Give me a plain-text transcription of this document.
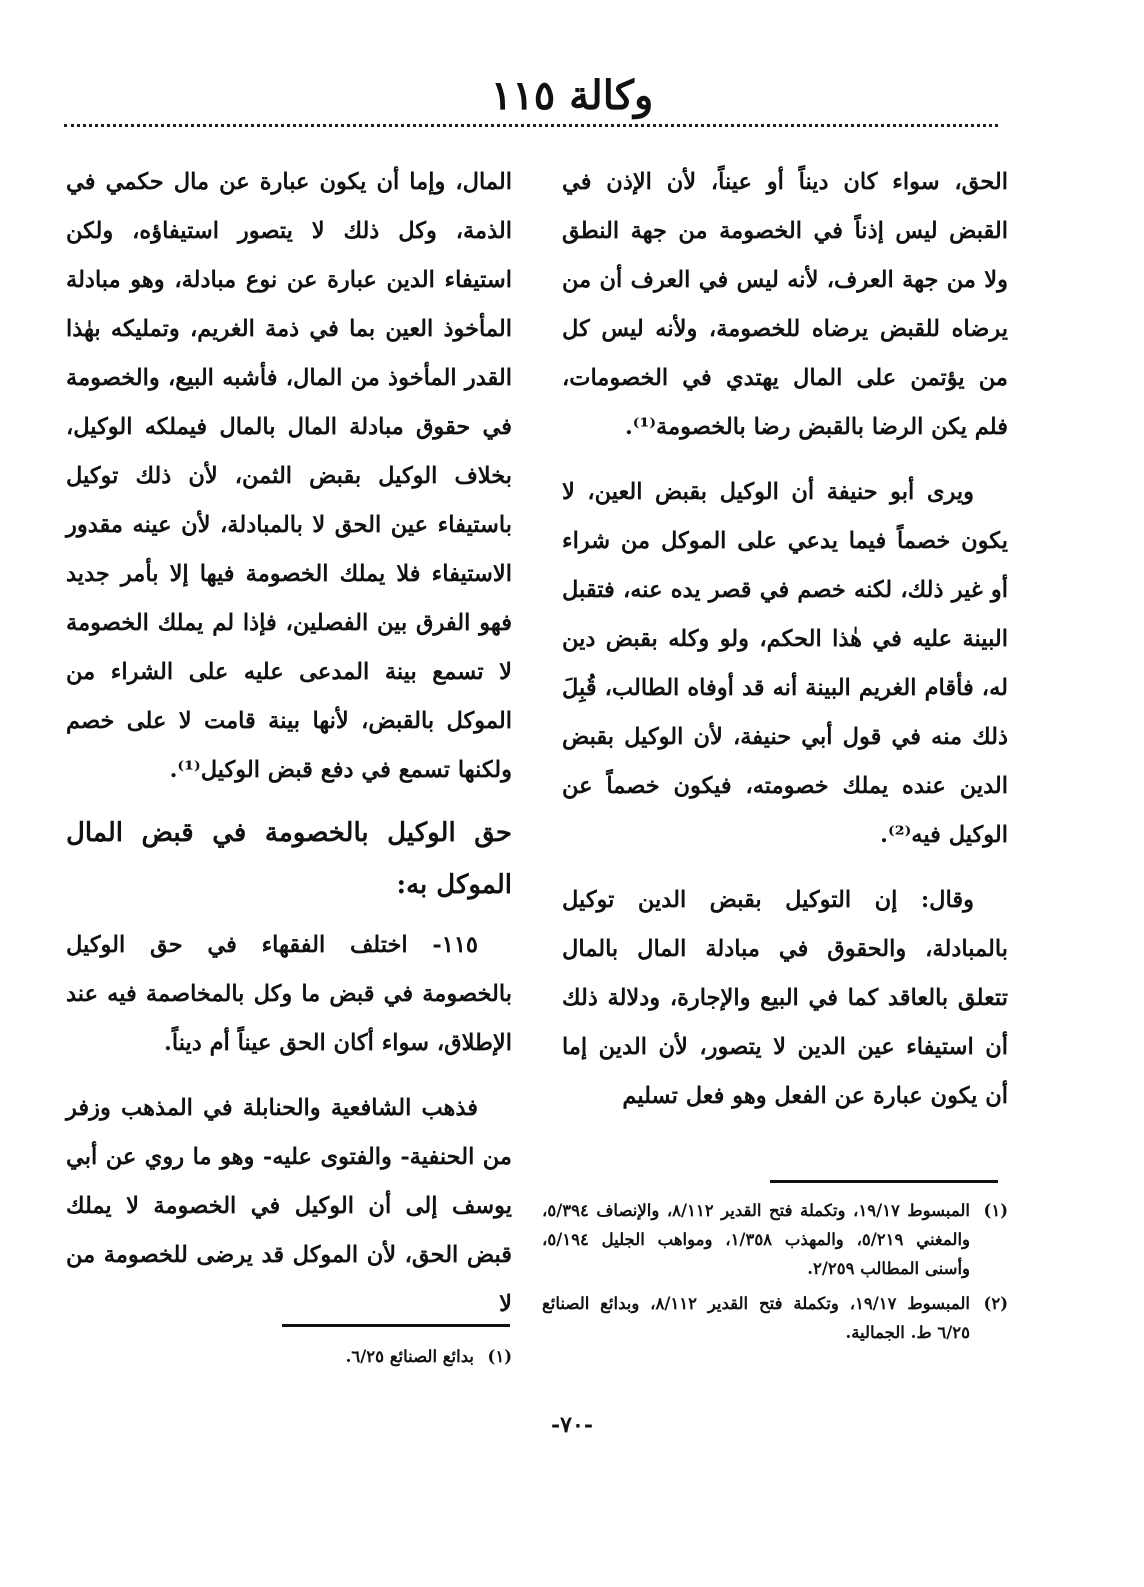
وكالة ١١٥

الحق، سواء كان ديناً أو عيناً، لأن الإذن في القبض ليس إذناً في الخصومة من جهة النطق ولا من جهة العرف، لأنه ليس في العرف أن من يرضاه للقبض يرضاه للخصومة، ولأنه ليس كل من يؤتمن على المال يهتدي في الخصومات، فلم يكن الرضا بالقبض رضا بالخصومة⁽¹⁾.

ويرى أبو حنيفة أن الوكيل بقبض العين، لا يكون خصماً فيما يدعي على الموكل من شراء أو غير ذلك، لكنه خصم في قصر يده عنه، فتقبل البينة عليه في هٰذا الحكم، ولو وكله بقبض دين له، فأقام الغريم البينة أنه قد أوفاه الطالب، قُبِلَ ذلك منه في قول أبي حنيفة، لأن الوكيل بقبض الدين عنده يملك خصومته، فيكون خصماً عن الوكيل فيه⁽²⁾.

وقال: إن التوكيل بقبض الدين توكيل بالمبادلة، والحقوق في مبادلة المال بالمال تتعلق بالعاقد كما في البيع والإجارة، ودلالة ذلك أن استيفاء عين الدين لا يتصور، لأن الدين إما أن يكون عبارة عن الفعل وهو فعل تسليم

المال، وإما أن يكون عبارة عن مال حكمي في الذمة، وكل ذلك لا يتصور استيفاؤه، ولكن استيفاء الدين عبارة عن نوع مبادلة، وهو مبادلة المأخوذ العين بما في ذمة الغريم، وتمليكه بهٰذا القدر المأخوذ من المال، فأشبه البيع، والخصومة في حقوق مبادلة المال بالمال فيملكه الوكيل، بخلاف الوكيل بقبض الثمن، لأن ذلك توكيل باستيفاء عين الحق لا بالمبادلة، لأن عينه مقدور الاستيفاء فلا يملك الخصومة فيها إلا بأمر جديد فهو الفرق بين الفصلين، فإذا لم يملك الخصومة لا تسمع بينة المدعى عليه على الشراء من الموكل بالقبض، لأنها بينة قامت لا على خصم ولكنها تسمع في دفع قبض الوكيل⁽¹⁾.

حق الوكيل بالخصومة في قبض المال الموكل به:

١١٥- اختلف الفقهاء في حق الوكيل بالخصومة في قبض ما وكل بالمخاصمة فيه عند الإطلاق، سواء أكان الحق عيناً أم ديناً.

فذهب الشافعية والحنابلة في المذهب وزفر من الحنفية- والفتوى عليه- وهو ما روي عن أبي يوسف إلى أن الوكيل في الخصومة لا يملك قبض الحق، لأن الموكل قد يرضى للخصومة من لا

(١)
المبسوط ١٩/١٧، وتكملة فتح القدير ٨/١١٢، والإنصاف ٥/٣٩٤، والمغني ٥/٢١٩، والمهذب ١/٣٥٨، ومواهب الجليل ٥/١٩٤، وأسنى المطالب ٢/٢٥٩.
(٢)
المبسوط ١٩/١٧، وتكملة فتح القدير ٨/١١٢، وبدائع الصنائع ٦/٢٥ ط. الجمالية.
(١)
بدائع الصنائع ٦/٢٥.
-٧٠-
